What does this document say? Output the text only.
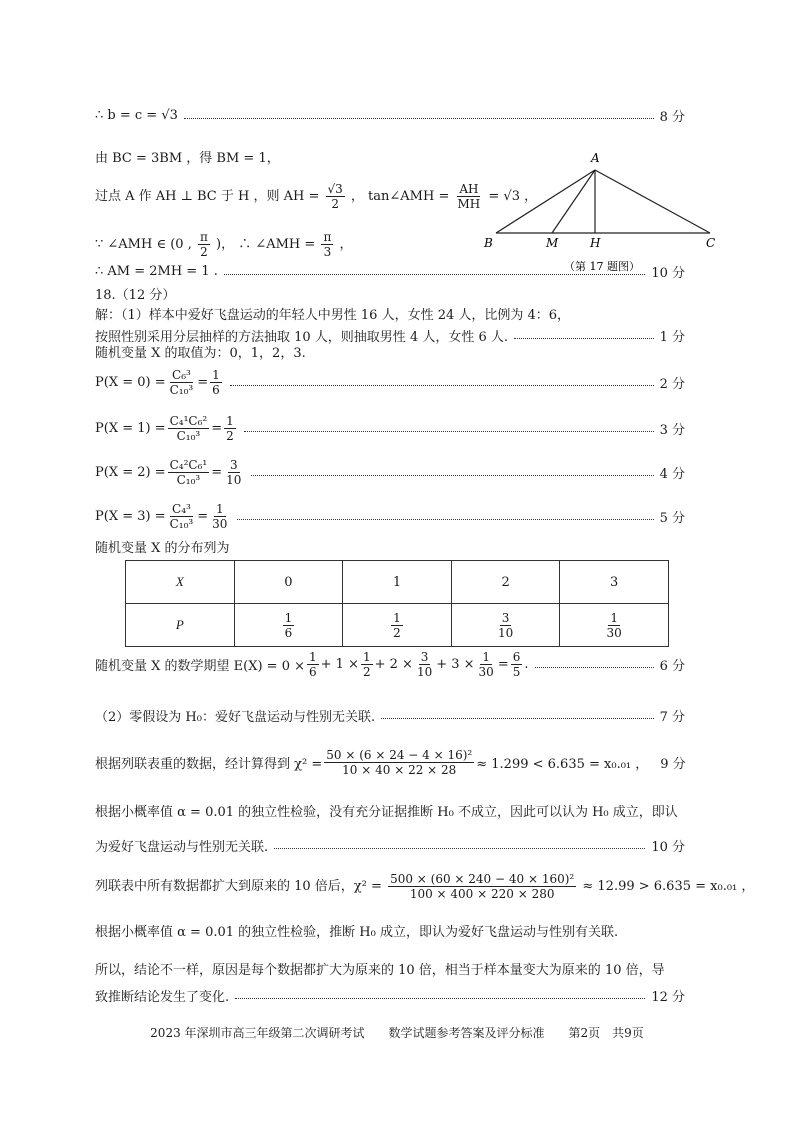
∴ b = c = √3	8 分
由 BC = 3BM ，得 BM = 1，
过点 A 作 AH ⊥ BC 于 H ，则 AH = $\frac{√3}{2}$ ， tan∠AMH = $\frac{AH}{MH} = √3$ ，
∵ ∠AMH ∈ (0 , $\frac{\pi}{2}$ )， ∴ ∠AMH = $\frac{\pi}{3}$ ，
∴ AM = 2MH = 1 .	10 分
A
B	M	H	C
（第 17 题图）
18.（12 分）
解：（1）样本中爱好飞盘运动的年轻人中男性 16 人，女性 24 人，比例为 4：6，
按照性别采用分层抽样的方法抽取 10 人，则抽取男性 4 人，女性 6 人.	1 分
随机变量 X 的取值为：0，1，2，3.
$P(X = 0) = \frac{\text{C₆³}}{\text{C₁₀³}} = \frac{1}{6}$	2 分
$P(X = 1) = \frac{\text{C₄¹C₆²}}{\text{C₁₀³}} = \frac{1}{2}$	3 分
$P(X = 2) = \frac{\text{C₄²C₆¹}}{\text{C₁₀³}} = \frac{3}{10}$	4 分
$P(X = 3) = \frac{\text{C₄³}}{\text{C₁₀³}} = \frac{1}{30}$	5 分
随机变量 X 的分布列为
X	0	1	2	3
P	$\frac{1}{6}$	$\frac{1}{2}$	$\frac{3}{10}$	$\frac{1}{30}$
随机变量 X 的数学期望 $E(X) = 0 \times \frac{1}{6} + 1 \times \frac{1}{2} + 2 \times \frac{3}{10} + 3 \times \frac{1}{30} = \frac{6}{5}$ .	6 分
（2）零假设为 H₀：爱好飞盘运动与性别无关联.	7 分
根据列联表重的数据，经计算得到 $\chi^2 = \frac{\text{50 × (6 × 24 − 4 × 16)²}}{10 \times 40 \times 22 \times 28} \approx 1.299 < 6.635 = x_0._{01}$ ， 9 分
根据小概率值 α = 0.01 的独立性检验，没有充分证据推断 H₀ 不成立，因此可以认为 H₀ 成立，即认
为爱好飞盘运动与性别无关联.	10 分
列联表中所有数据都扩大到原来的 10 倍后，$\chi^2 = \frac{\text{500 × (60 × 240 − 40 × 160)²}}{100 \times 400 \times 220 \times 280} \approx 12.99 > 6.635 = x_0._{01}$ ，
根据小概率值 α = 0.01 的独立性检验，推断 H₀ 成立，即认为爱好飞盘运动与性别有关联.
所以，结论不一样，原因是每个数据都扩大为原来的 10 倍，相当于样本量变大为原来的 10 倍，导
致推断结论发生了变化.	12 分
2023 年深圳市高三年级第二次调研考试　　数学试题参考答案及评分标准　　第2页　共9页
